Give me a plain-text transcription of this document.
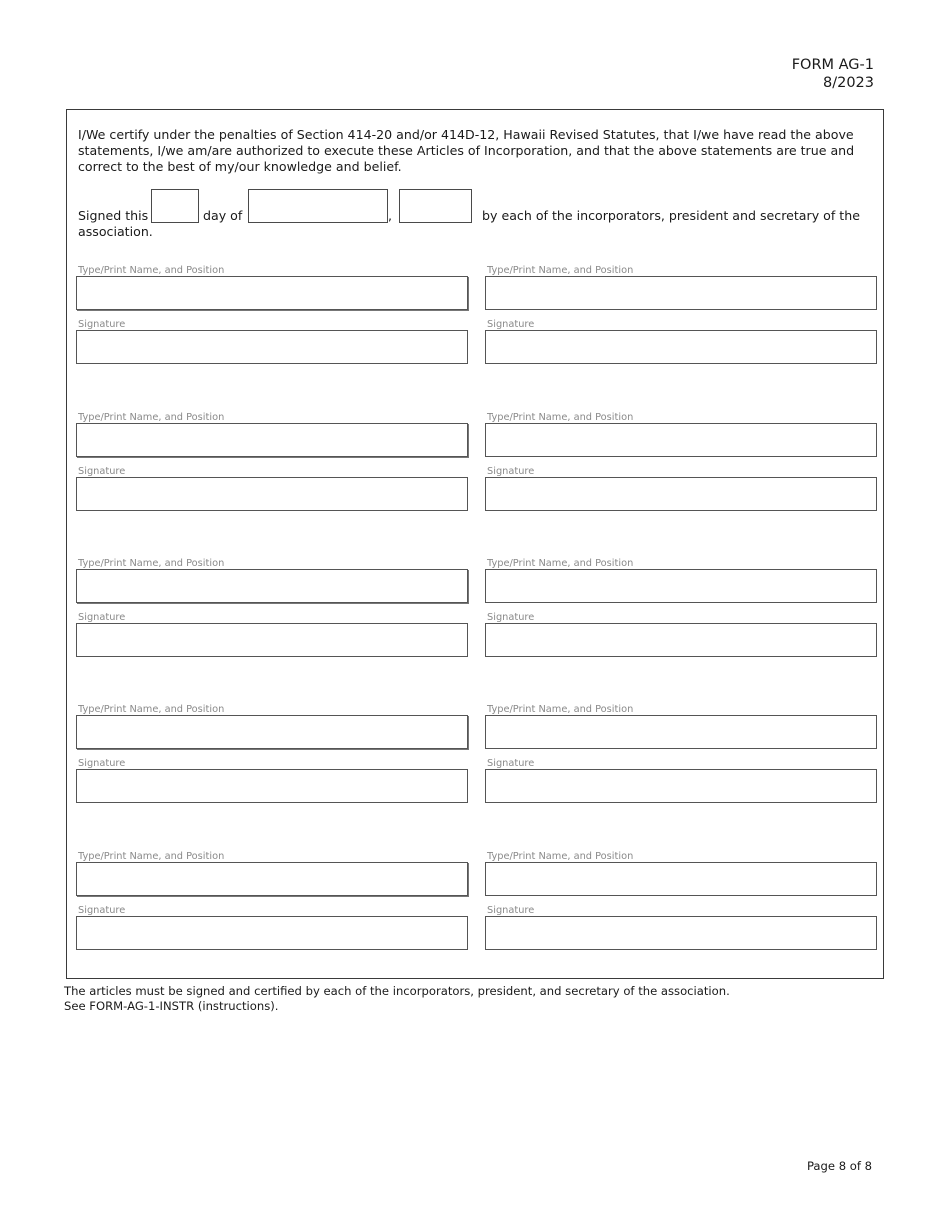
FORM AG-1
8/2023
I/We certify under the penalties of Section 414-20 and/or 414D-12, Hawaii Revised Statutes, that I/we have read the above statements, I/we am/are authorized to execute these Articles of Incorporation, and that the above statements are true and correct to the best of my/our knowledge and belief.
Signed this	day of	,	by each of the incorporators, president and secretary of the
association.
Type/Print Name, and Position
Signature
Type/Print Name, and Position
Signature
Type/Print Name, and Position
Signature
Type/Print Name, and Position
Signature
Type/Print Name, and Position
Signature
Type/Print Name, and Position
Signature
Type/Print Name, and Position
Signature
Type/Print Name, and Position
Signature
Type/Print Name, and Position
Signature
Type/Print Name, and Position
Signature
The articles must be signed and certified by each of the incorporators, president, and secretary of the association.
See FORM-AG-1-INSTR (instructions).
Page 8 of 8
